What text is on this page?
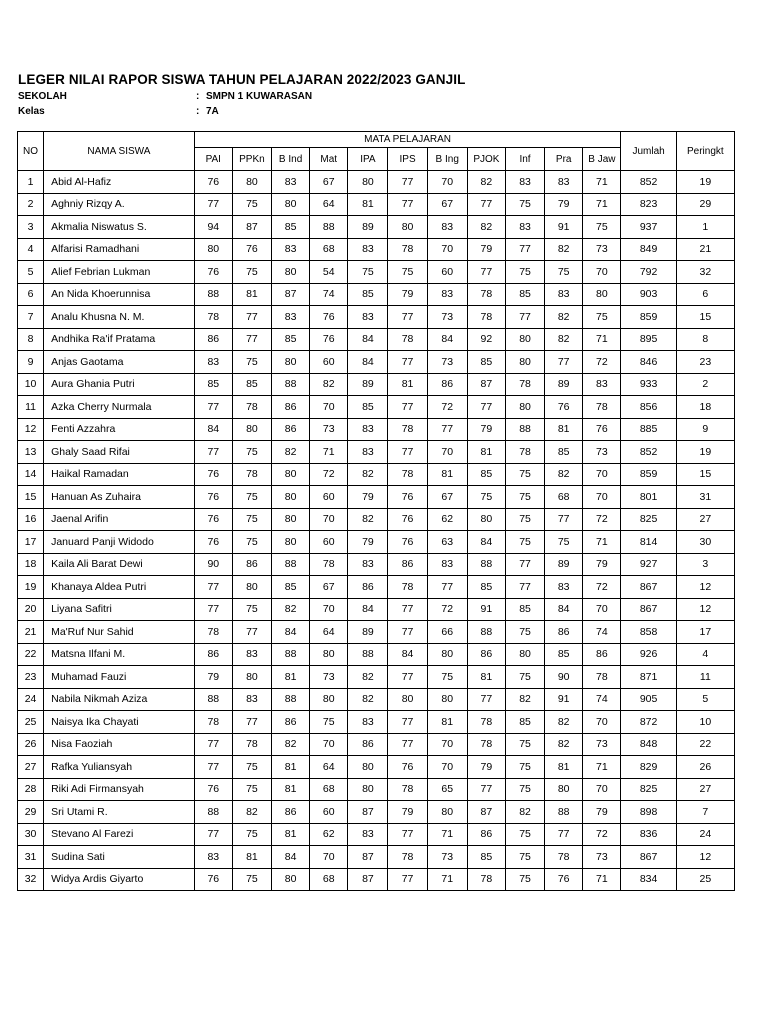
LEGER NILAI RAPOR SISWA TAHUN PELAJARAN 2022/2023 GANJIL
SEKOLAH	: SMPN 1 KUWARASAN
Kelas	: 7A
NO	NAMA SISWA	MATA PELAJARAN											Jumlah	Peringkt
		PAI	PPKn	B Ind	Mat	IPA	IPS	B Ing	PJOK	Inf	Pra	B Jaw		
1	Abid Al-Hafiz	76	80	83	67	80	77	70	82	83	83	71	852	19
2	Aghniy Rizqy A.	77	75	80	64	81	77	67	77	75	79	71	823	29
3	Akmalia Niswatus S.	94	87	85	88	89	80	83	82	83	91	75	937	1
4	Alfarisi Ramadhani	80	76	83	68	83	78	70	79	77	82	73	849	21
5	Alief Febrian Lukman	76	75	80	54	75	75	60	77	75	75	70	792	32
6	An Nida Khoerunnisa	88	81	87	74	85	79	83	78	85	83	80	903	6
7	Analu Khusna N. M.	78	77	83	76	83	77	73	78	77	82	75	859	15
8	Andhika Ra'if Pratama	86	77	85	76	84	78	84	92	80	82	71	895	8
9	Anjas Gaotama	83	75	80	60	84	77	73	85	80	77	72	846	23
10	Aura Ghania Putri	85	85	88	82	89	81	86	87	78	89	83	933	2
11	Azka Cherry Nurmala	77	78	86	70	85	77	72	77	80	76	78	856	18
12	Fenti Azzahra	84	80	86	73	83	78	77	79	88	81	76	885	9
13	Ghaly Saad Rifai	77	75	82	71	83	77	70	81	78	85	73	852	19
14	Haikal Ramadan	76	78	80	72	82	78	81	85	75	82	70	859	15
15	Hanuan As Zuhaira	76	75	80	60	79	76	67	75	75	68	70	801	31
16	Jaenal Arifin	76	75	80	70	82	76	62	80	75	77	72	825	27
17	Januard Panji Widodo	76	75	80	60	79	76	63	84	75	75	71	814	30
18	Kaila Ali Barat Dewi	90	86	88	78	83	86	83	88	77	89	79	927	3
19	Khanaya Aldea Putri	77	80	85	67	86	78	77	85	77	83	72	867	12
20	Liyana Safitri	77	75	82	70	84	77	72	91	85	84	70	867	12
21	Ma'Ruf Nur Sahid	78	77	84	64	89	77	66	88	75	86	74	858	17
22	Matsna Ilfani M.	86	83	88	80	88	84	80	86	80	85	86	926	4
23	Muhamad Fauzi	79	80	81	73	82	77	75	81	75	90	78	871	11
24	Nabila Nikmah Aziza	88	83	88	80	82	80	80	77	82	91	74	905	5
25	Naisya Ika Chayati	78	77	86	75	83	77	81	78	85	82	70	872	10
26	Nisa Faoziah	77	78	82	70	86	77	70	78	75	82	73	848	22
27	Rafka Yuliansyah	77	75	81	64	80	76	70	79	75	81	71	829	26
28	Riki Adi Firmansyah	76	75	81	68	80	78	65	77	75	80	70	825	27
29	Sri Utami R.	88	82	86	60	87	79	80	87	82	88	79	898	7
30	Stevano Al Farezi	77	75	81	62	83	77	71	86	75	77	72	836	24
31	Sudina Sati	83	81	84	70	87	78	73	85	75	78	73	867	12
32	Widya Ardis Giyarto	76	75	80	68	87	77	71	78	75	76	71	834	25
